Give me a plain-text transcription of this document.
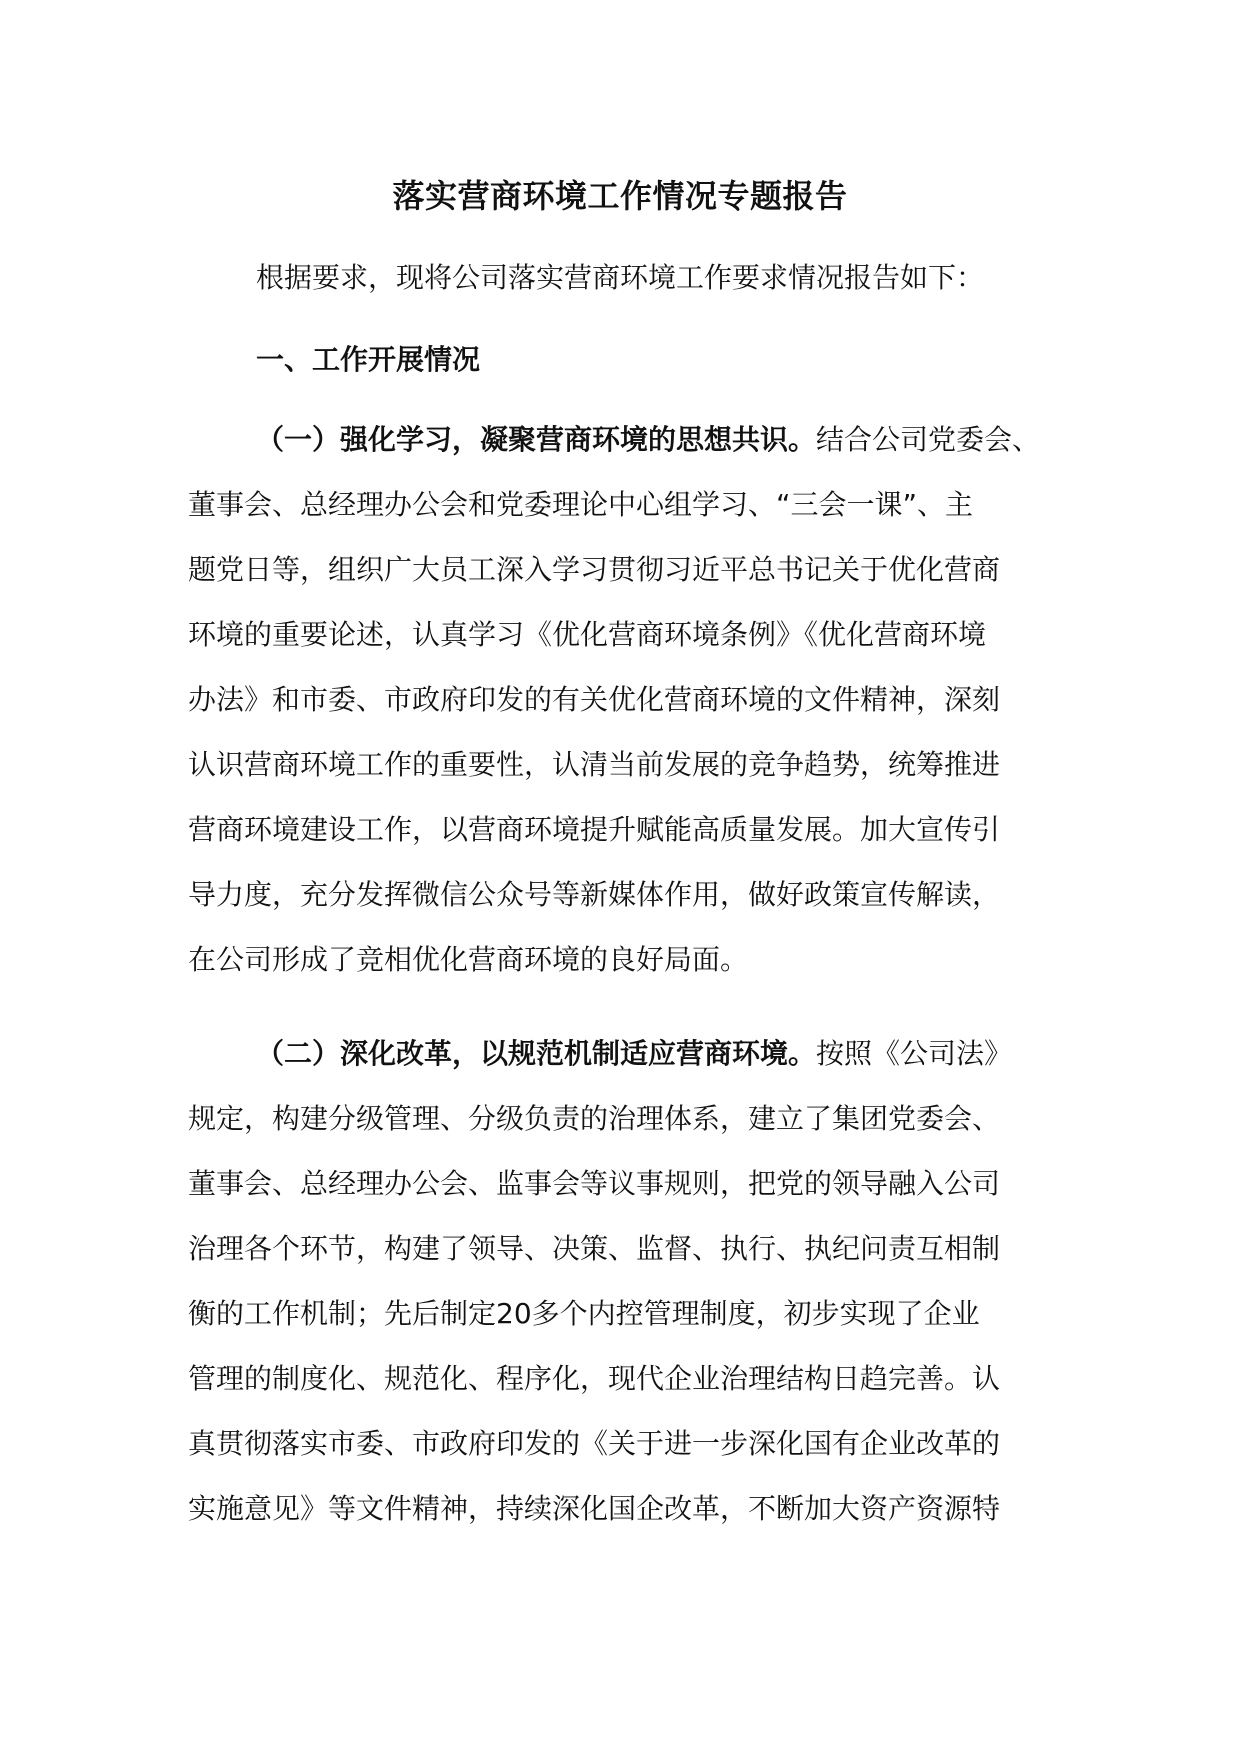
落实营商环境工作情况专题报告
根据要求，现将公司落实营商环境工作要求情况报告如下：
一、工作开展情况
（一）强化学习，凝聚营商环境的思想共识。结合公司党委会、
董事会、总经理办公会和党委理论中心组学习、“三会一课”、主
题党日等，组织广大员工深入学习贯彻习近平总书记关于优化营商
环境的重要论述，认真学习《优化营商环境条例》《优化营商环境
办法》和市委、市政府印发的有关优化营商环境的文件精神，深刻
认识营商环境工作的重要性，认清当前发展的竞争趋势，统筹推进
营商环境建设工作，以营商环境提升赋能高质量发展。加大宣传引
导力度，充分发挥微信公众号等新媒体作用，做好政策宣传解读，
在公司形成了竞相优化营商环境的良好局面。
（二）深化改革，以规范机制适应营商环境。按照《公司法》
规定，构建分级管理、分级负责的治理体系，建立了集团党委会、
董事会、总经理办公会、监事会等议事规则，把党的领导融入公司
治理各个环节，构建了领导、决策、监督、执行、执纪问责互相制
衡的工作机制；先后制定20多个内控管理制度，初步实现了企业
管理的制度化、规范化、程序化，现代企业治理结构日趋完善。认
真贯彻落实市委、市政府印发的《关于进一步深化国有企业改革的
实施意见》等文件精神，持续深化国企改革，不断加大资产资源特
